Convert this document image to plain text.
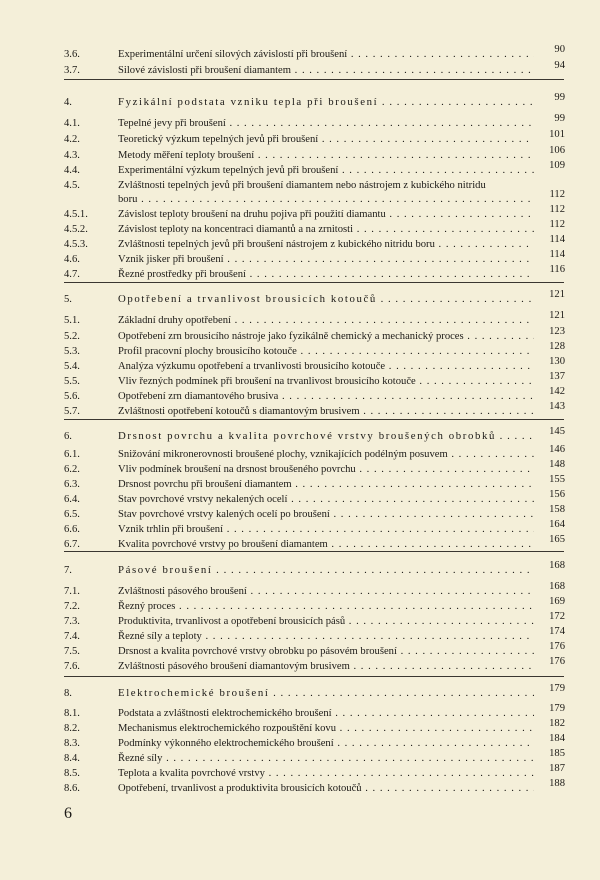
3.6.	Experimentální určení silových závislostí při broušení . . .	90
3.7.	Silové závislosti při broušení diamantem . . .	94
4.	Fyzikální podstata vzniku tepla při broušení . . .	99
4.1.	Tepelné jevy při broušení . . .	99
4.2.	Teoretický výzkum tepelných jevů při broušení . . .	101
4.3.	Metody měření teploty broušení . . .	106
4.4.	Experimentální výzkum tepelných jevů při broušení . . .	109
4.5.	Zvláštnosti tepelných jevů při broušení diamantem nebo nástrojem z kubického nitridu
boru . . .	112
4.5.1.	Závislost teploty broušení na druhu pojiva při použití diamantu . . .	112
4.5.2.	Závislost teploty na koncentraci diamantů a na zrnitosti . . .	112
4.5.3.	Zvláštnosti tepelných jevů při broušení nástrojem z kubického nitridu boru . . .	114
4.6.	Vznik jisker při broušení . . .	114
4.7.	Řezné prostředky při broušení . . .	116
5.	Opotřebení a trvanlivost brousicích kotoučů . . .	121
5.1.	Základní druhy opotřebení . . .	121
5.2.	Opotřebení zrn brousicího nástroje jako fyzikálně chemický a mechanický proces . . .	123
5.3.	Profil pracovní plochy brousicího kotouče . . .	128
5.4.	Analýza výzkumu opotřebení a trvanlivosti brousicího kotouče . . .	130
5.5.	Vliv řezných podmínek při broušení na trvanlivost brousicího kotouče . . .	137
5.6.	Opotřebení zrn diamantového brusiva . . .	142
5.7.	Zvláštnosti opotřebení kotoučů s diamantovým brusivem . . .	143
6.	Drsnost povrchu a kvalita povrchové vrstvy broušených obrobků . . .	145
6.1.	Snižování mikronerovnosti broušené plochy, vznikajících podélným posuvem . . .	146
6.2.	Vliv podmínek broušení na drsnost broušeného povrchu . . .	148
6.3.	Drsnost povrchu při broušení diamantem . . .	155
6.4.	Stav povrchové vrstvy nekalených ocelí . . .	156
6.5.	Stav povrchové vrstvy kalených ocelí po broušení . . .	158
6.6.	Vznik trhlin při broušení . . .	164
6.7.	Kvalita povrchové vrstvy po broušení diamantem . . .	165
7.	Pásové broušení . . .	168
7.1.	Zvláštnosti pásového broušení . . .	168
7.2.	Řezný proces . . .	169
7.3.	Produktivita, trvanlivost a opotřebení brousicích pásů . . .	172
7.4.	Řezné síly a teploty . . .	174
7.5.	Drsnost a kvalita povrchové vrstvy obrobku po pásovém broušení . . .	176
7.6.	Zvláštnosti pásového broušení diamantovým brusivem . . .	176
8.	Elektrochemické broušení . . .	179
8.1.	Podstata a zvláštnosti elektrochemického broušení . . .	179
8.2.	Mechanismus elektrochemického rozpouštění kovu . . .	182
8.3.	Podmínky výkonného elektrochemického broušení . . .	184
8.4.	Řezné síly . . .	185
8.5.	Teplota a kvalita povrchové vrstvy . . .	187
8.6.	Opotřebení, trvanlivost a produktivita brousicích kotoučů . . .	188
6
